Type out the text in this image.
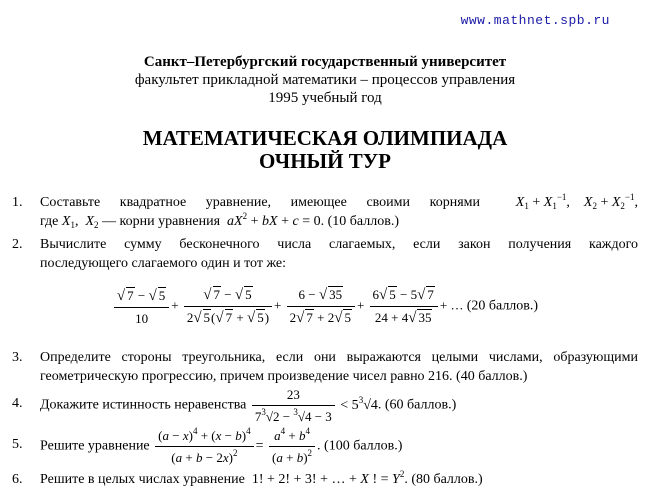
www.mathnet.spb.ru
Санкт–Петербургский государственный университет
факультет прикладной математики – процессов управления
1995 учебный год
МАТЕМАТИЧЕСКАЯ ОЛИМПИАДА
ОЧНЫЙ ТУР
1. Составьте квадратное уравнение, имеющее своими корнями	$X_1 + X_1^{-1}$,    $X_2 + X_2^{-1}$,
где $X_1$,  $X_2$ — корни уравнения $aX^2$ + bX + c = 0. (10 баллов.)
2. Вычислите сумму бесконечного числа слагаемых, если закон получения каждого
последующего слагаемого один и тот же:
$\frac{√ 7 - √ 5}{10} + \frac{√ 7 - √ 5}{2√ 5(√ 7 + √ 5)} + \frac{6 - √ 35}{2√ 7 + 2√ 5} + \frac{6√ 5 - 5√ 7}{24 + 4√ 35}$ + … (20 баллов.)
3. Определите стороны треугольника, если они выражаются целыми числами, образующими
геометрическую прогрессию, причем произведение чисел равно 216. (40 баллов.)
4. Докажите истинность неравенства $\frac{23}{7^3√2 - ^3√4 - 3} < 5^3√4$. (60 баллов.)
5. Решите уравнение $\frac{(a - x)^4 + (x - b)^4}{(a + b - 2x)^2} = \frac{a^4 + b^4}{(a + b)^2}$ . (100 баллов.)
6. Решите в целых числах уравнение  1! + 2! + 3! + … + X ! = $Y^2$. (80 баллов.)
